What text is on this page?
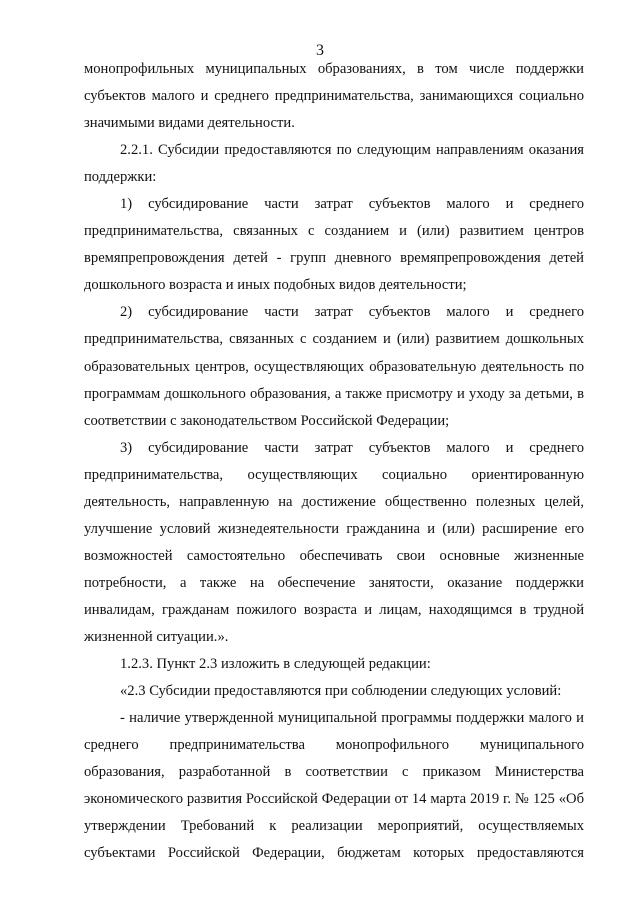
3

монопрофильных муниципальных образованиях, в том числе поддержки субъектов малого и среднего предпринимательства, занимающихся социально значимыми видами деятельности.

2.2.1. Субсидии предоставляются по следующим направлениям оказания поддержки:

1) субсидирование части затрат субъектов малого и среднего предпринимательства, связанных с созданием и (или) развитием центров времяпрепровождения детей - групп дневного времяпрепровождения детей дошкольного возраста и иных подобных видов деятельности;

2) субсидирование части затрат субъектов малого и среднего предпринимательства, связанных с созданием и (или) развитием дошкольных образовательных центров, осуществляющих образовательную деятельность по программам дошкольного образования, а также присмотру и уходу за детьми, в соответствии с законодательством Российской Федерации;

3) субсидирование части затрат субъектов малого и среднего предпринимательства, осуществляющих социально ориентированную деятельность, направленную на достижение общественно полезных целей, улучшение условий жизнедеятельности гражданина и (или) расширение его возможностей самостоятельно обеспечивать свои основные жизненные потребности, а также на обеспечение занятости, оказание поддержки инвалидам, гражданам пожилого возраста и лицам, находящимся в трудной жизненной ситуации.».

1.2.3. Пункт 2.3 изложить в следующей редакции:

«2.3 Субсидии предоставляются при соблюдении следующих условий:

- наличие утвержденной муниципальной программы поддержки малого и среднего предпринимательства монопрофильного муниципального образования, разработанной в соответствии с приказом Министерства экономического развития Российской Федерации от 14 марта 2019 г. № 125 «Об утверждении Требований к реализации мероприятий, осуществляемых субъектами Российской Федерации, бюджетам которых предоставляются
